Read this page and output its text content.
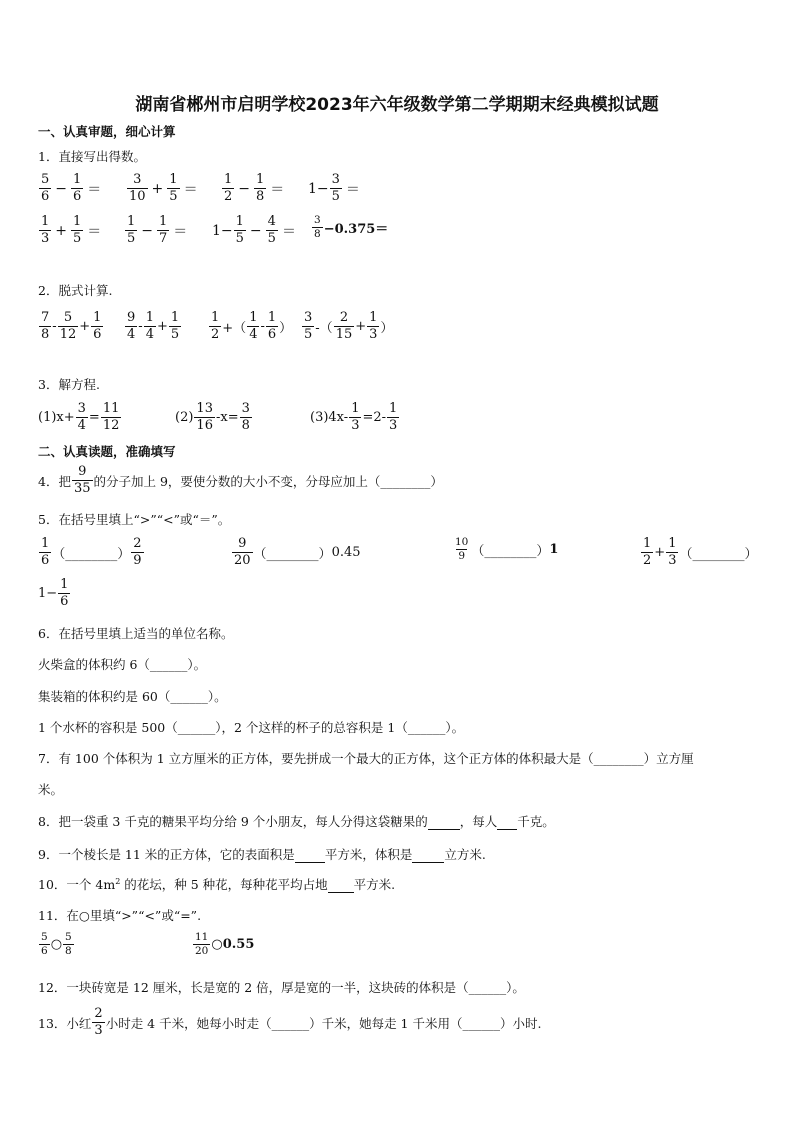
湖南省郴州市启明学校2023年六年级数学第二学期期末经典模拟试题
一、认真审题，细心计算
1．直接写出得数。
$\frac{5}{6} - \frac{1}{6} = \frac{3}{10} + \frac{1}{5} = \frac{1}{2} - \frac{1}{8} = 1- \frac{3}{5}$ ＝
$\frac{1}{3} + \frac{1}{5} = \frac{1}{5} - \frac{1}{7} = 1- \frac{1}{5} - \frac{4}{5} = \frac{3}{8} -0.375=$
2．脱式计算.
$\frac{7}{8} - \frac{5}{12} + \frac{1}{6} \frac{9}{4} - \frac{1}{4} + \frac{1}{5} \frac{1}{2}$ +（ $\frac{1}{4} - \frac{1}{6}$ ） $\frac{3}{5}$ -（ $\frac{2}{15} + \frac{1}{3}$ ）
3．解方程.
$(1)x+ \frac{3}{4} = \frac{11}{12}$	$(2) \frac{13}{16} -x= \frac{3}{8}$	$(3)4x- \frac{1}{3} =2- \frac{1}{3}$
二、认真读题，准确填写
4．把 $\frac{9}{35}$ 的分子加上 9，要使分数的大小不变，分母应加上（________）
5．在括号里填上“>”“<”或“＝”。
$\frac{1}{6}$ （________） $\frac{2}{9}$	$\frac{9}{20}$ （________） 0.45	$\frac{10}{9}$ （________） 1	$\frac{1}{2} + \frac{1}{3}$ （________）
$1- \frac{1}{6}$
6．在括号里填上适当的单位名称。
火柴盒的体积约 6（______）。
集装箱的体积约是 60（______）。
1 个水杯的容积是 500（______），2 个这样的杯子的总容积是 1（______）。
7．有 100 个体积为 1 立方厘米的正方体，要先拼成一个最大的正方体，这个正方体的体积最大是（________）立方厘
米。
8．把一袋重 3 千克的糖果平均分给 9 个小朋友，每人分得这袋糖果的	，每人 千克。
9．一个棱长是 11 米的正方体，它的表面积是 平方米，体积是	立方米.
10．一个 $4m^2$ 的花坛，种 5 种花，每种花平均占地 平方米.
11．在○里填“>”“<”或“=”.
$\frac{5}{6}$ ○ $\frac{5}{8}$	$\frac{11}{20}$ ○0.55
12．一块砖宽是 12 厘米，长是宽的 2 倍，厚是宽的一半，这块砖的体积是（______）。
13．小红 $\frac{2}{3}$ 小时走 4 千米，她每小时走（______）千米，她每走 1 千米用（______）小时.
